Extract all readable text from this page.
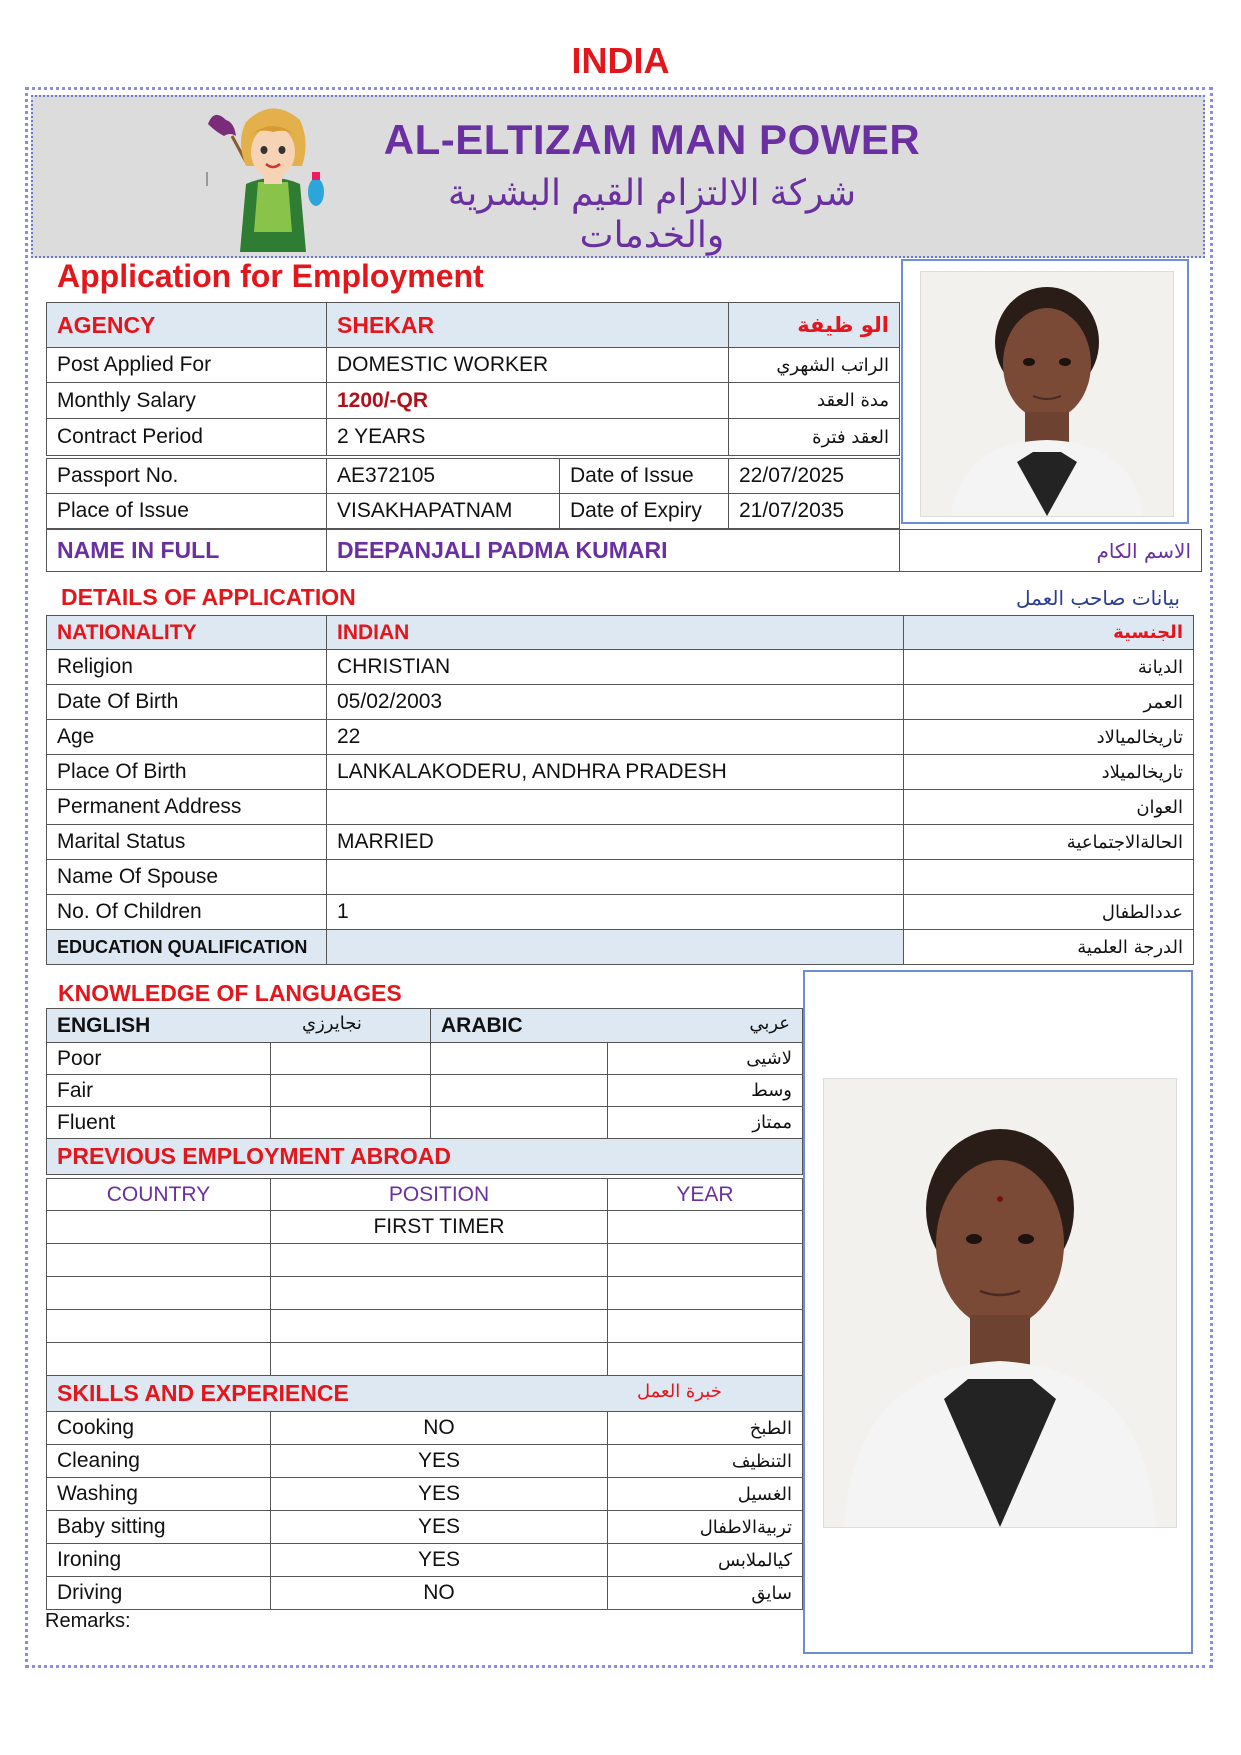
INDIA
AL-ELTIZAM MAN POWER
شركة الالتزام القيم البشرية والخدمات
Application for Employment
AGENCY	SHEKAR	الو ظيفة
Post Applied For	DOMESTIC WORKER	الراتب الشهري
Monthly Salary	1200/-QR	مدة العقد
Contract Period	2 YEARS	العقد فترة
Passport No.	AE372105	Date of Issue	22/07/2025
Place of Issue	VISAKHAPATNAM	Date of Expiry	21/07/2035
NAME IN FULL	DEEPANJALI PADMA KUMARI	الاسم الكام
DETAILS OF APPLICATION	بيانات صاحب العمل
NATIONALITY	INDIAN	الجنسية
Religion	CHRISTIAN	الديانة
Date Of Birth	05/02/2003	العمر
Age	22	تاريخالميالاد
Place Of Birth	LANKALAKODERU, ANDHRA PRADESH	تاريخالميلاد
Permanent Address		العوان
Marital Status	MARRIED	الحالةالاجتماعية
Name Of Spouse		
No. Of Children	1	عددالطفال
EDUCATION QUALIFICATION		الدرجة العلمية
KNOWLEDGE OF LANGUAGES
ENGLISH نجايرزي		ARABIC عربي	

Poor			لاشيى
Fair			وسط
Fluent			ممتاز
PREVIOUS EMPLOYMENT ABROAD			
COUNTRY	POSITION	YEAR
	FIRST TIMER	

SKILLS AND EXPERIENCE خبرة العمل		

Cooking	NO	الطبخ
Cleaning	YES	التنظيف
Washing	YES	الغسيل
Baby sitting	YES	تربيةالاطفال
Ironing	YES	كيالملابس
Driving	NO	سايق
Remarks:
